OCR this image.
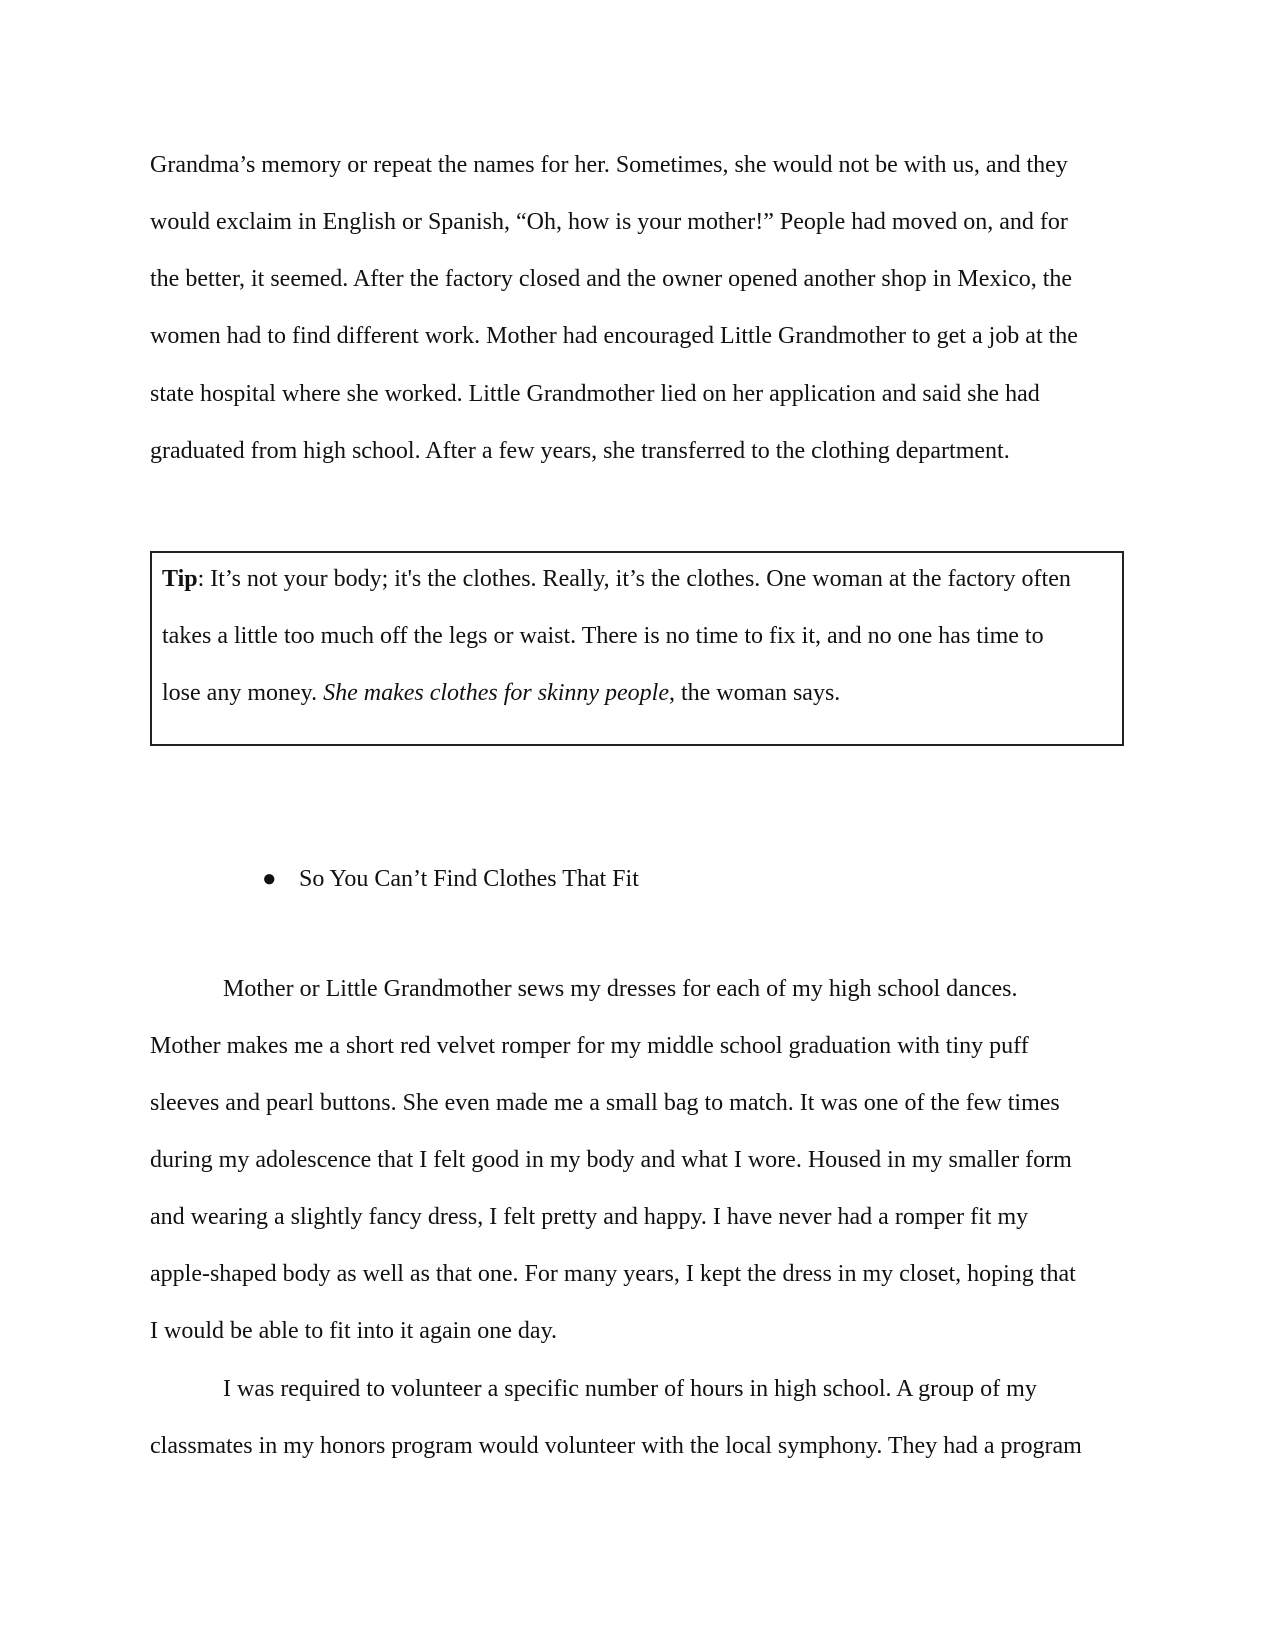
Grandma’s memory or repeat the names for her. Sometimes, she would not be with us, and they
would exclaim in English or Spanish, “Oh, how is your mother!” People had moved on, and for
the better, it seemed. After the factory closed and the owner opened another shop in Mexico, the
women had to find different work. Mother had encouraged Little Grandmother to get a job at the
state hospital where she worked. Little Grandmother lied on her application and said she had
graduated from high school. After a few years, she transferred to the clothing department.
Tip: It’s not your body; it's the clothes. Really, it’s the clothes. One woman at the factory often
takes a little too much off the legs or waist. There is no time to fix it, and no one has time to
lose any money. She makes clothes for skinny people, the woman says.
● So You Can’t Find Clothes That Fit
Mother or Little Grandmother sews my dresses for each of my high school dances.
Mother makes me a short red velvet romper for my middle school graduation with tiny puff
sleeves and pearl buttons. She even made me a small bag to match. It was one of the few times
during my adolescence that I felt good in my body and what I wore. Housed in my smaller form
and wearing a slightly fancy dress, I felt pretty and happy. I have never had a romper fit my
apple-shaped body as well as that one. For many years, I kept the dress in my closet, hoping that
I would be able to fit into it again one day.
I was required to volunteer a specific number of hours in high school. A group of my
classmates in my honors program would volunteer with the local symphony. They had a program
